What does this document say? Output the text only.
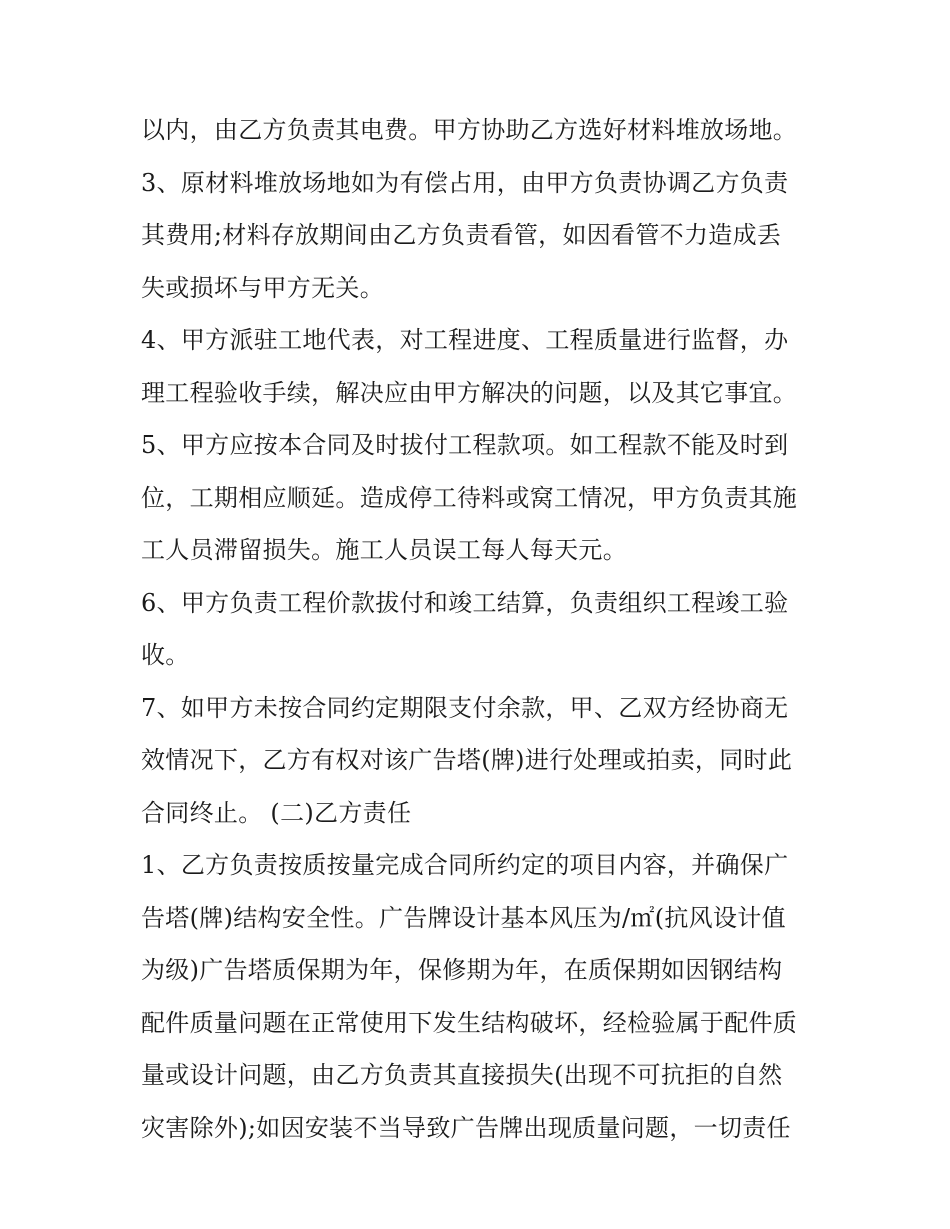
以内，由乙方负责其电费。甲方协助乙方选好材料堆放场地。
3、原材料堆放场地如为有偿占用，由甲方负责协调乙方负责
其费用;材料存放期间由乙方负责看管，如因看管不力造成丢
失或损坏与甲方无关。
4、甲方派驻工地代表，对工程进度、工程质量进行监督，办
理工程验收手续，解决应由甲方解决的问题，以及其它事宜。
5、甲方应按本合同及时拔付工程款项。如工程款不能及时到
位，工期相应顺延。造成停工待料或窝工情况，甲方负责其施
工人员滞留损失。施工人员误工每人每天元。
6、甲方负责工程价款拔付和竣工结算，负责组织工程竣工验
收。
7、如甲方未按合同约定期限支付余款，甲、乙双方经协商无
效情况下，乙方有权对该广告塔(牌)进行处理或拍卖，同时此
合同终止。 (二)乙方责任
1、乙方负责按质按量完成合同所约定的项目内容，并确保广
告塔(牌)结构安全性。广告牌设计基本风压为/㎡(抗风设计值
为级)广告塔质保期为年，保修期为年，在质保期如因钢结构
配件质量问题在正常使用下发生结构破坏，经检验属于配件质
量或设计问题，由乙方负责其直接损失(出现不可抗拒的自然
灾害除外);如因安装不当导致广告牌出现质量问题，一切责任
